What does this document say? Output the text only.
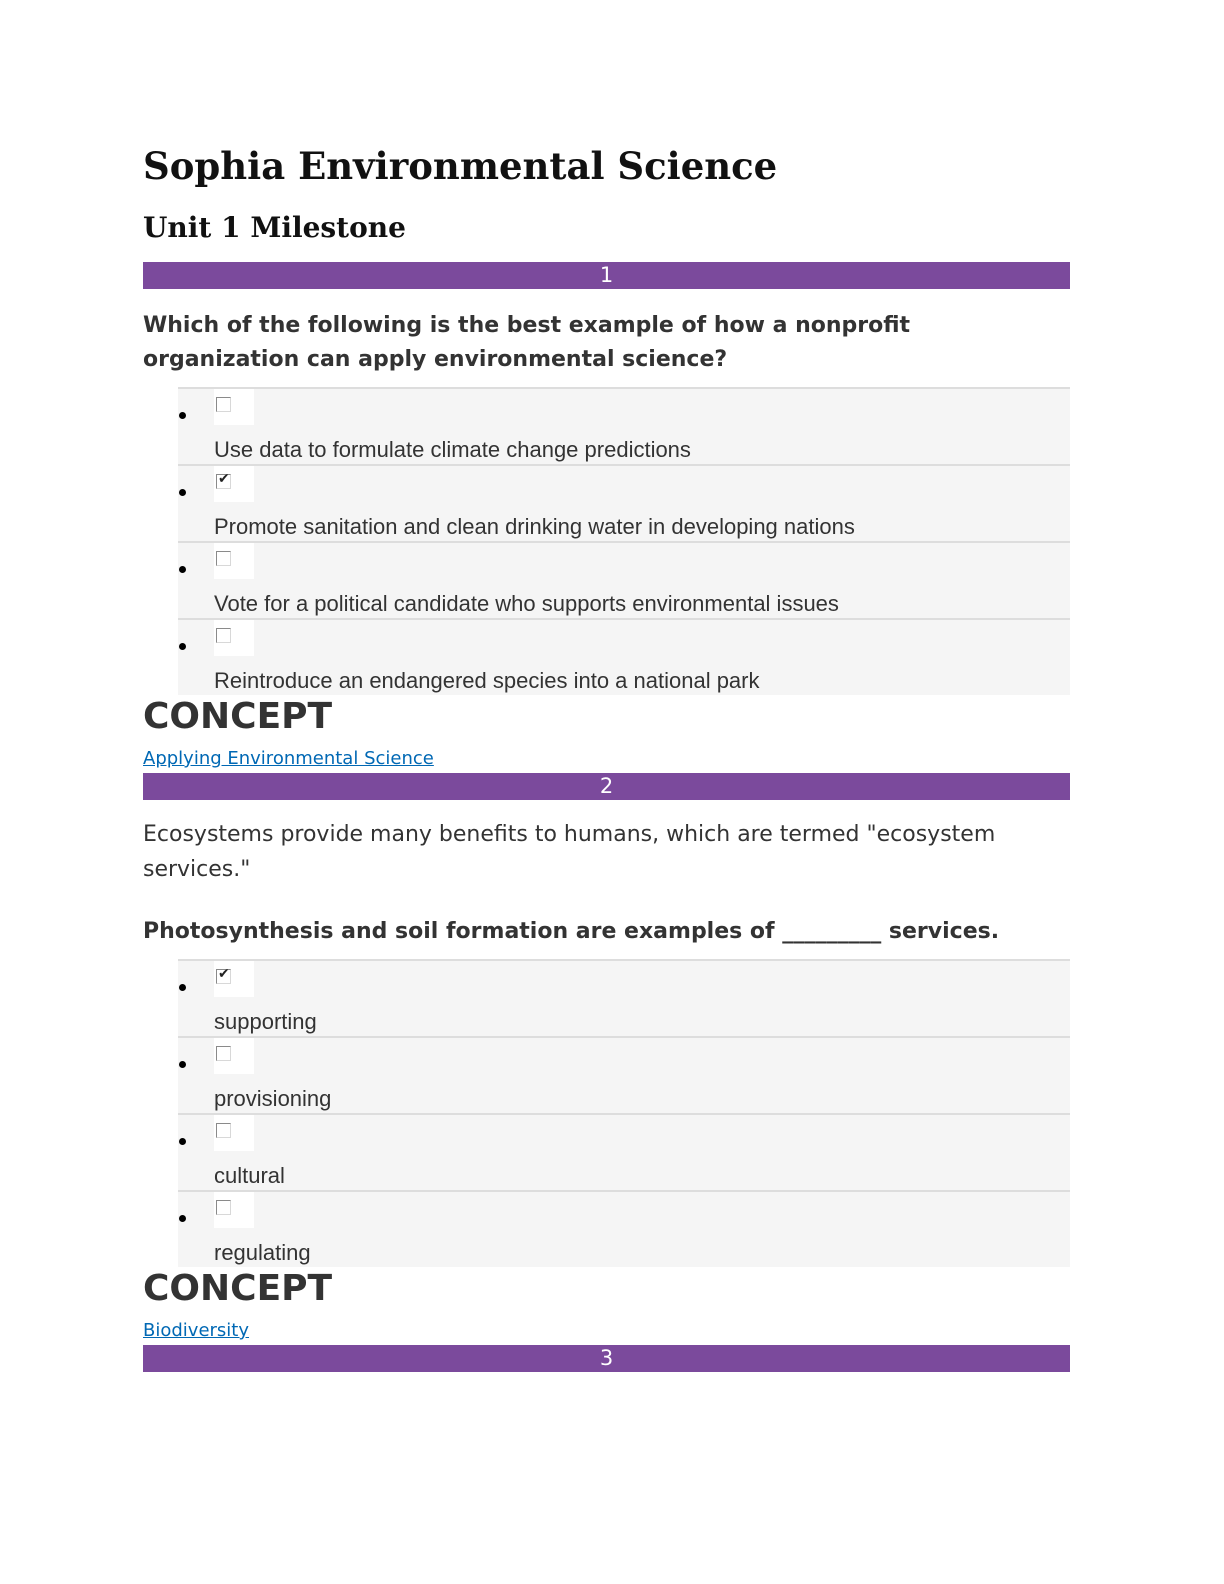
Sophia Environmental Science
Unit 1 Milestone
1
Which of the following is the best example of how a nonprofit organization can apply environmental science?
Use data to formulate climate change predictions
✔
Promote sanitation and clean drinking water in developing nations
Vote for a political candidate who supports environmental issues
Reintroduce an endangered species into a national park
CONCEPT
Applying Environmental Science
2
Ecosystems provide many benefits to humans, which are termed "ecosystem services."
Photosynthesis and soil formation are examples of _________ services.
✔
supporting
provisioning
cultural
regulating
CONCEPT
Biodiversity
3
